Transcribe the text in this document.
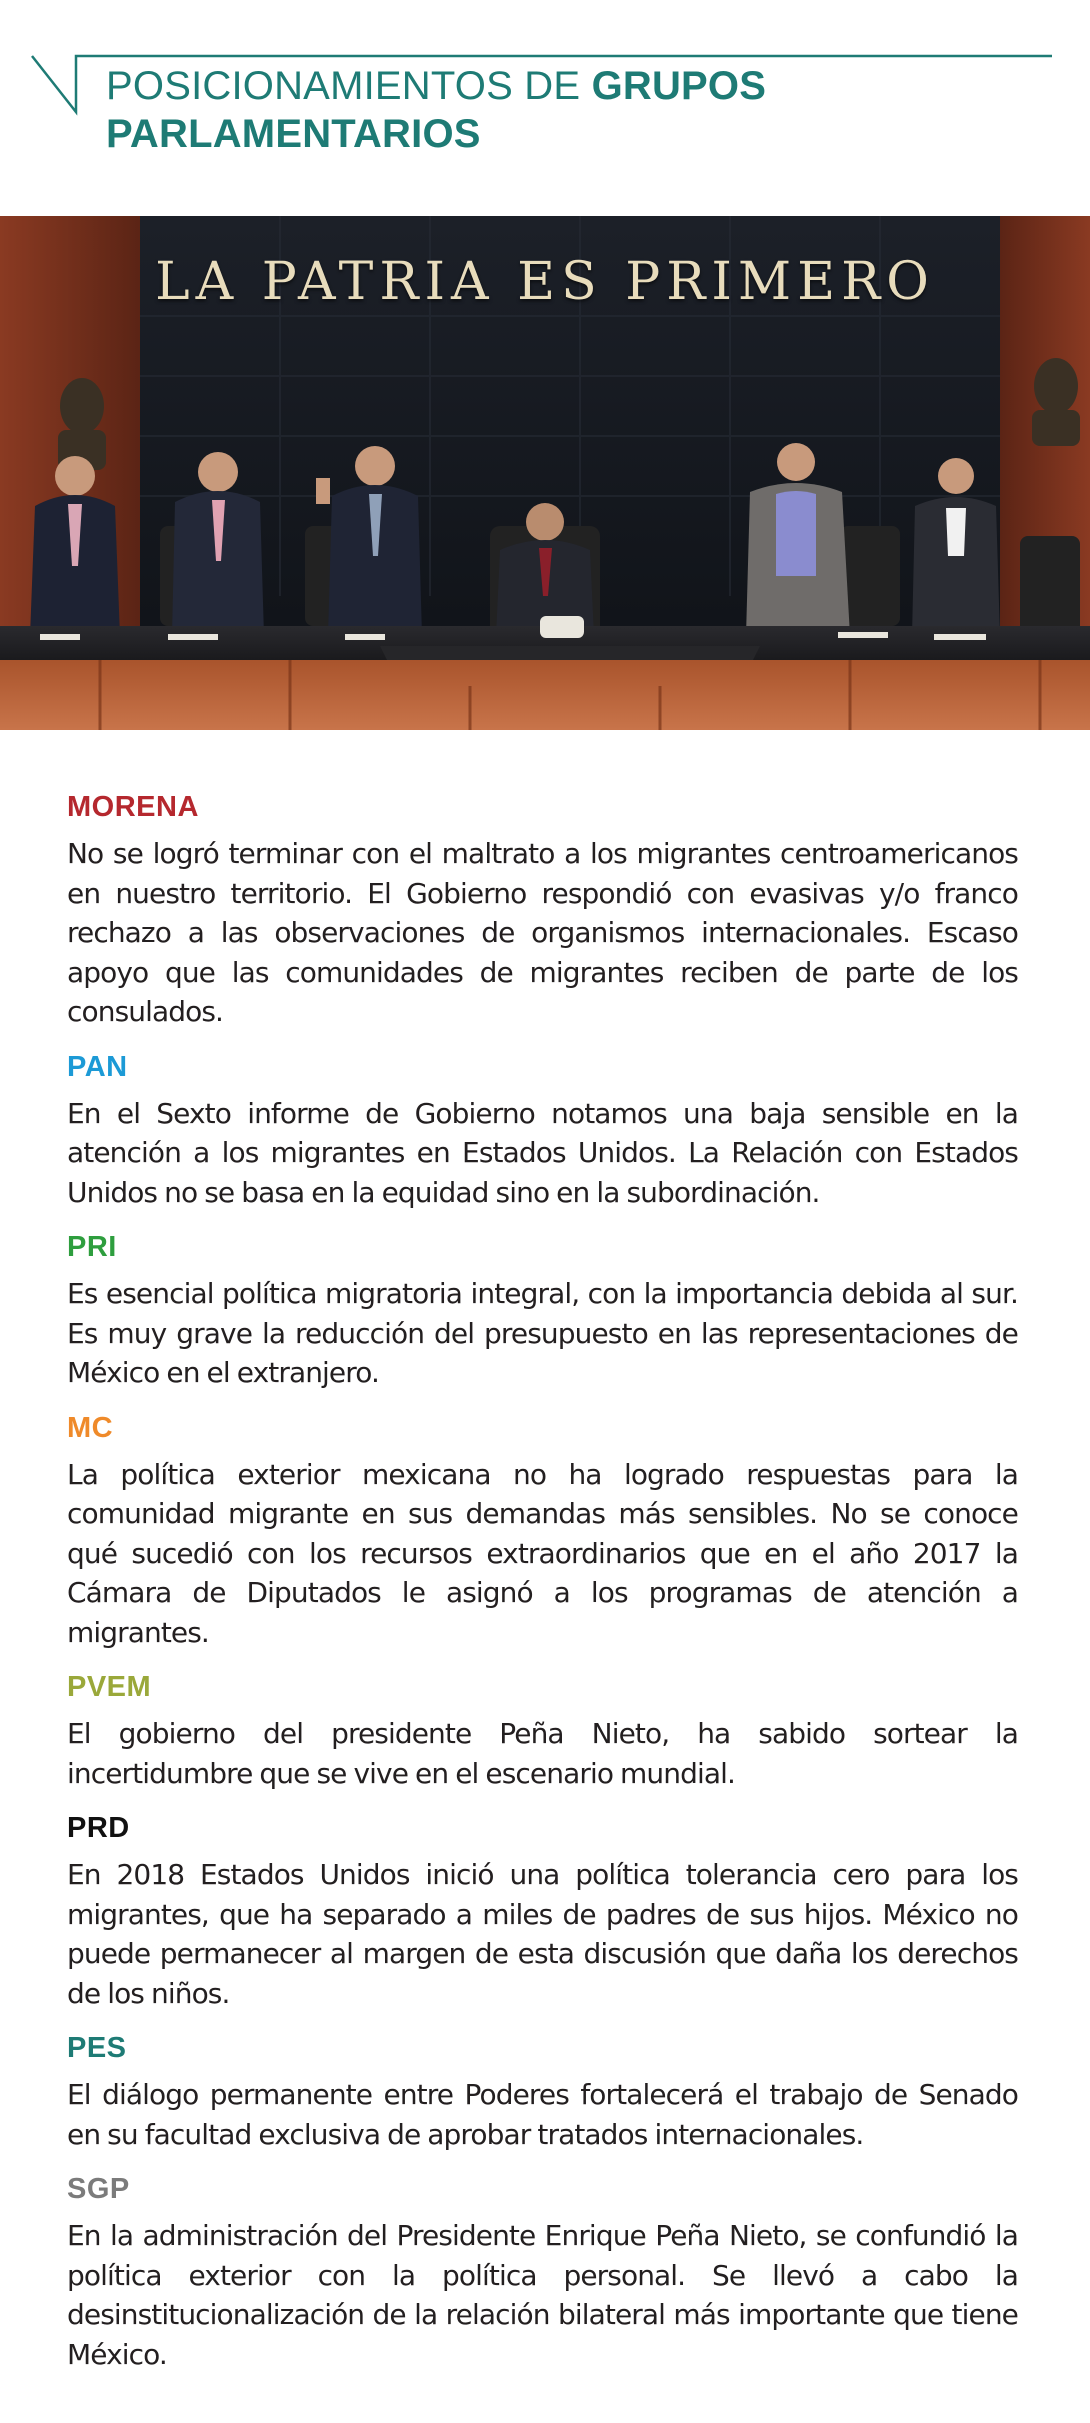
POSICIONAMIENTOS DE GRUPOS
PARLAMENTARIOS
LA PATRIA ES PRIMERO
MORENA

No se logró terminar con el maltrato a los migrantes centroamericanos en nuestro territorio. El Gobierno respondió con evasivas y/o franco rechazo a las observaciones de organismos internacionales. Escaso apoyo que las comunidades de migrantes reciben de parte de los consulados.

PAN

En el Sexto informe de Gobierno notamos una baja sensible en la atención a los migrantes en Estados Unidos. La Relación con Estados Unidos no se basa en la equidad sino en la subordinación.

PRI

Es esencial política migratoria integral, con la importancia debida al sur. Es muy grave la reducción del presupuesto en las representaciones de México en el extranjero.

MC

La política exterior mexicana no ha logrado respuestas para la comunidad migrante en sus demandas más sensibles. No se conoce qué sucedió con los recursos extraordinarios que en el año 2017 la Cámara de Diputados le asignó a los programas de atención a migrantes.

PVEM

El gobierno del presidente Peña Nieto, ha sabido sortear la incertidumbre que se vive en el escenario mundial.

PRD

En 2018 Estados Unidos inició una política tolerancia cero para los migrantes, que ha separado a miles de padres de sus hijos. México no puede permanecer al margen de esta discusión que daña los derechos de los niños.

PES

El diálogo permanente entre Poderes fortalecerá el trabajo de Senado en su facultad exclusiva de aprobar tratados internacionales.

SGP

En la administración del Presidente Enrique Peña Nieto, se confundió la política exterior con la política personal. Se llevó a cabo la desinstitucionalización de la relación bilateral más importante que tiene México.
